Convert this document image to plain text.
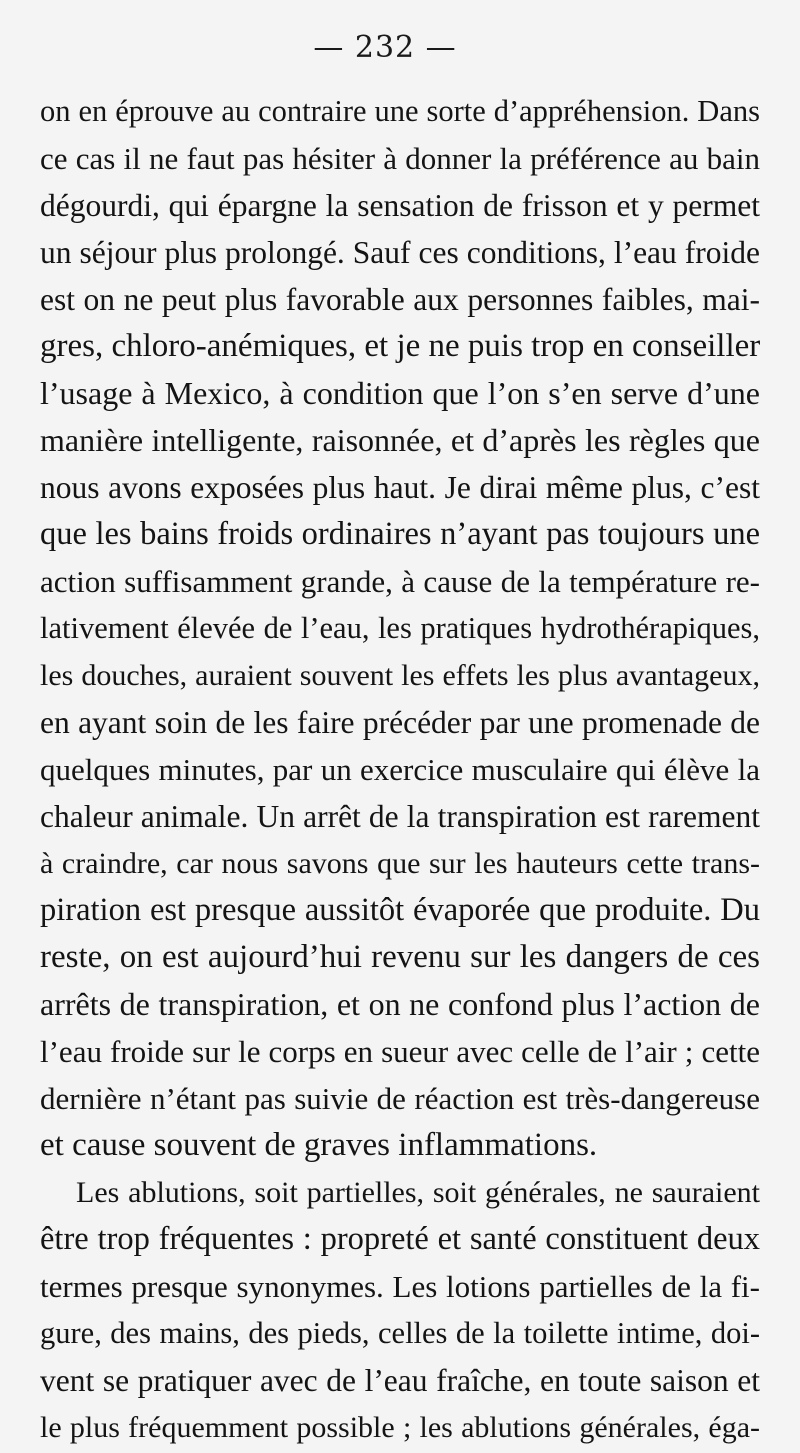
— 232 —
on en éprouve au contraire une sorte d’appréhension. Dans
ce cas il ne faut pas hésiter à donner la préférence au bain
dégourdi, qui épargne la sensation de frisson et y permet
un séjour plus prolongé. Sauf ces conditions, l’eau froide
est on ne peut plus favorable aux personnes faibles, mai-
gres, chloro-anémiques, et je ne puis trop en conseiller
l’usage à Mexico, à condition que l’on s’en serve d’une
manière intelligente, raisonnée, et d’après les règles que
nous avons exposées plus haut. Je dirai même plus, c’est
que les bains froids ordinaires n’ayant pas toujours une
action suffisamment grande, à cause de la température re-
lativement élevée de l’eau, les pratiques hydrothérapiques,
les douches, auraient souvent les effets les plus avantageux,
en ayant soin de les faire précéder par une promenade de
quelques minutes, par un exercice musculaire qui élève la
chaleur animale. Un arrêt de la transpiration est rarement
à craindre, car nous savons que sur les hauteurs cette trans-
piration est presque aussitôt évaporée que produite. Du
reste, on est aujourd’hui revenu sur les dangers de ces
arrêts de transpiration, et on ne confond plus l’action de
l’eau froide sur le corps en sueur avec celle de l’air ; cette
dernière n’étant pas suivie de réaction est très-dangereuse
et cause souvent de graves inflammations.
Les ablutions, soit partielles, soit générales, ne sauraient
être trop fréquentes : propreté et santé constituent deux
termes presque synonymes. Les lotions partielles de la fi-
gure, des mains, des pieds, celles de la toilette intime, doi-
vent se pratiquer avec de l’eau fraîche, en toute saison et
le plus fréquemment possible ; les ablutions générales, éga-
